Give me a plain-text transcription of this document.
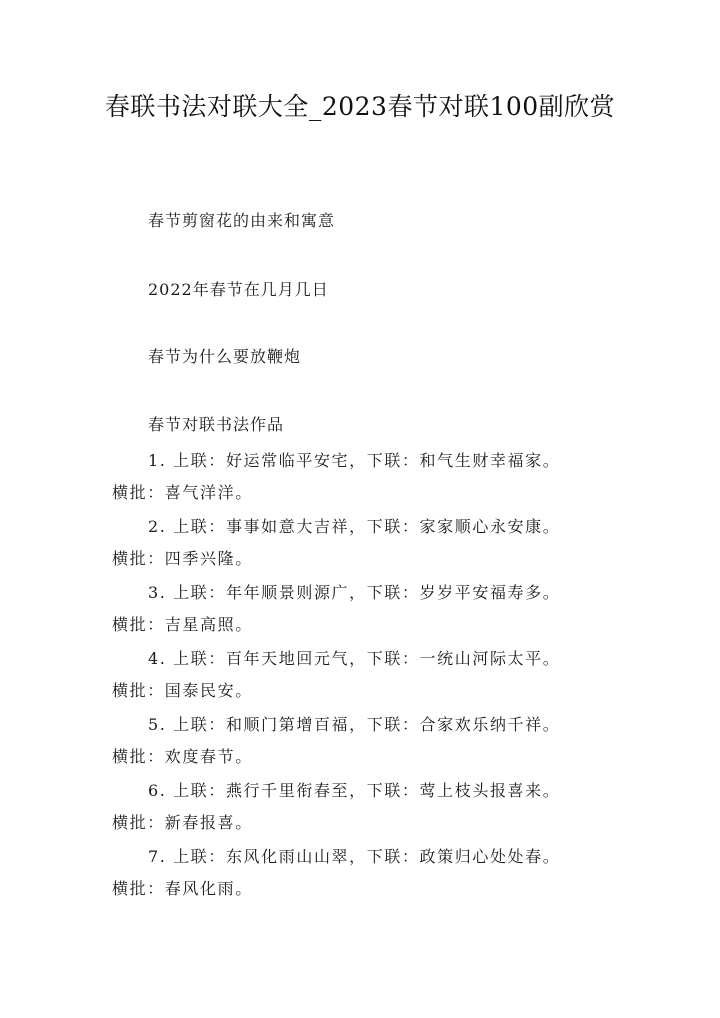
春联书法对联大全_2023春节对联100副欣赏
春节剪窗花的由来和寓意
2022年春节在几月几日
春节为什么要放鞭炮
春节对联书法作品
1. 上联：好运常临平安宅，下联：和气生财幸福家。
横批：喜气洋洋。
2. 上联：事事如意大吉祥，下联：家家顺心永安康。
横批：四季兴隆。
3. 上联：年年顺景则源广，下联：岁岁平安福寿多。
横批：吉星高照。
4. 上联：百年天地回元气，下联：一统山河际太平。
横批：国泰民安。
5. 上联：和顺门第增百福，下联：合家欢乐纳千祥。
横批：欢度春节。
6. 上联：燕行千里衔春至，下联：莺上枝头报喜来。
横批：新春报喜。
7. 上联：东风化雨山山翠，下联：政策归心处处春。
横批：春风化雨。
